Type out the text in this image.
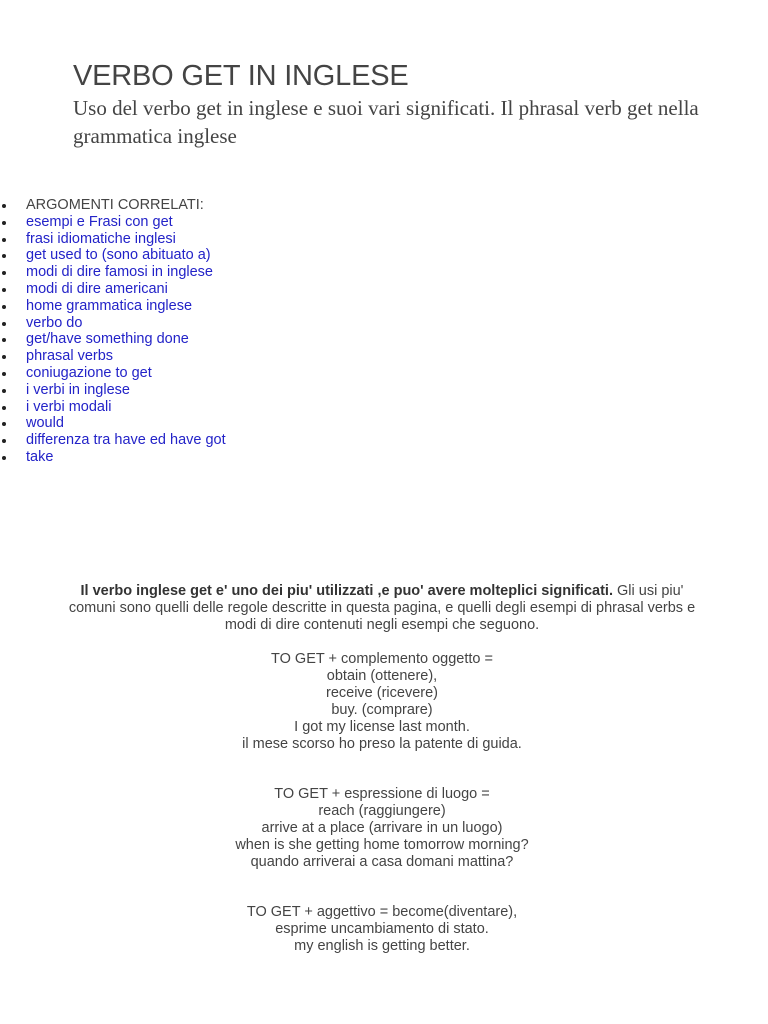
VERBO GET IN INGLESE

Uso del verbo get in inglese e suoi vari significati. Il phrasal verb get nella grammatica inglese

ARGOMENTI CORRELATI:
esempi e Frasi con get
frasi idiomatiche inglesi
get used to (sono abituato a)
modi di dire famosi in inglese
modi di dire americani
home grammatica inglese
verbo do
get/have something done
phrasal verbs
coniugazione to get
i verbi in inglese
i verbi modali
would
differenza tra have ed have got
take

Il verbo inglese get e' uno dei piu' utilizzati ,e puo' avere molteplici significati. Gli usi piu' comuni sono quelli delle regole descritte in questa pagina, e quelli degli esempi di phrasal verbs e modi di dire contenuti negli esempi che seguono.

TO GET + complemento oggetto =

obtain (ottenere),

receive (ricevere)

buy. (comprare)

I got my license last month.

il mese scorso ho preso la patente di guida.

TO GET + espressione di luogo =

reach (raggiungere)

arrive at a place (arrivare in un luogo)

when is she getting home tomorrow morning?

quando arriverai a casa domani mattina?

TO GET + aggettivo = become(diventare),

esprime uncambiamento di stato.

my english is getting better.
